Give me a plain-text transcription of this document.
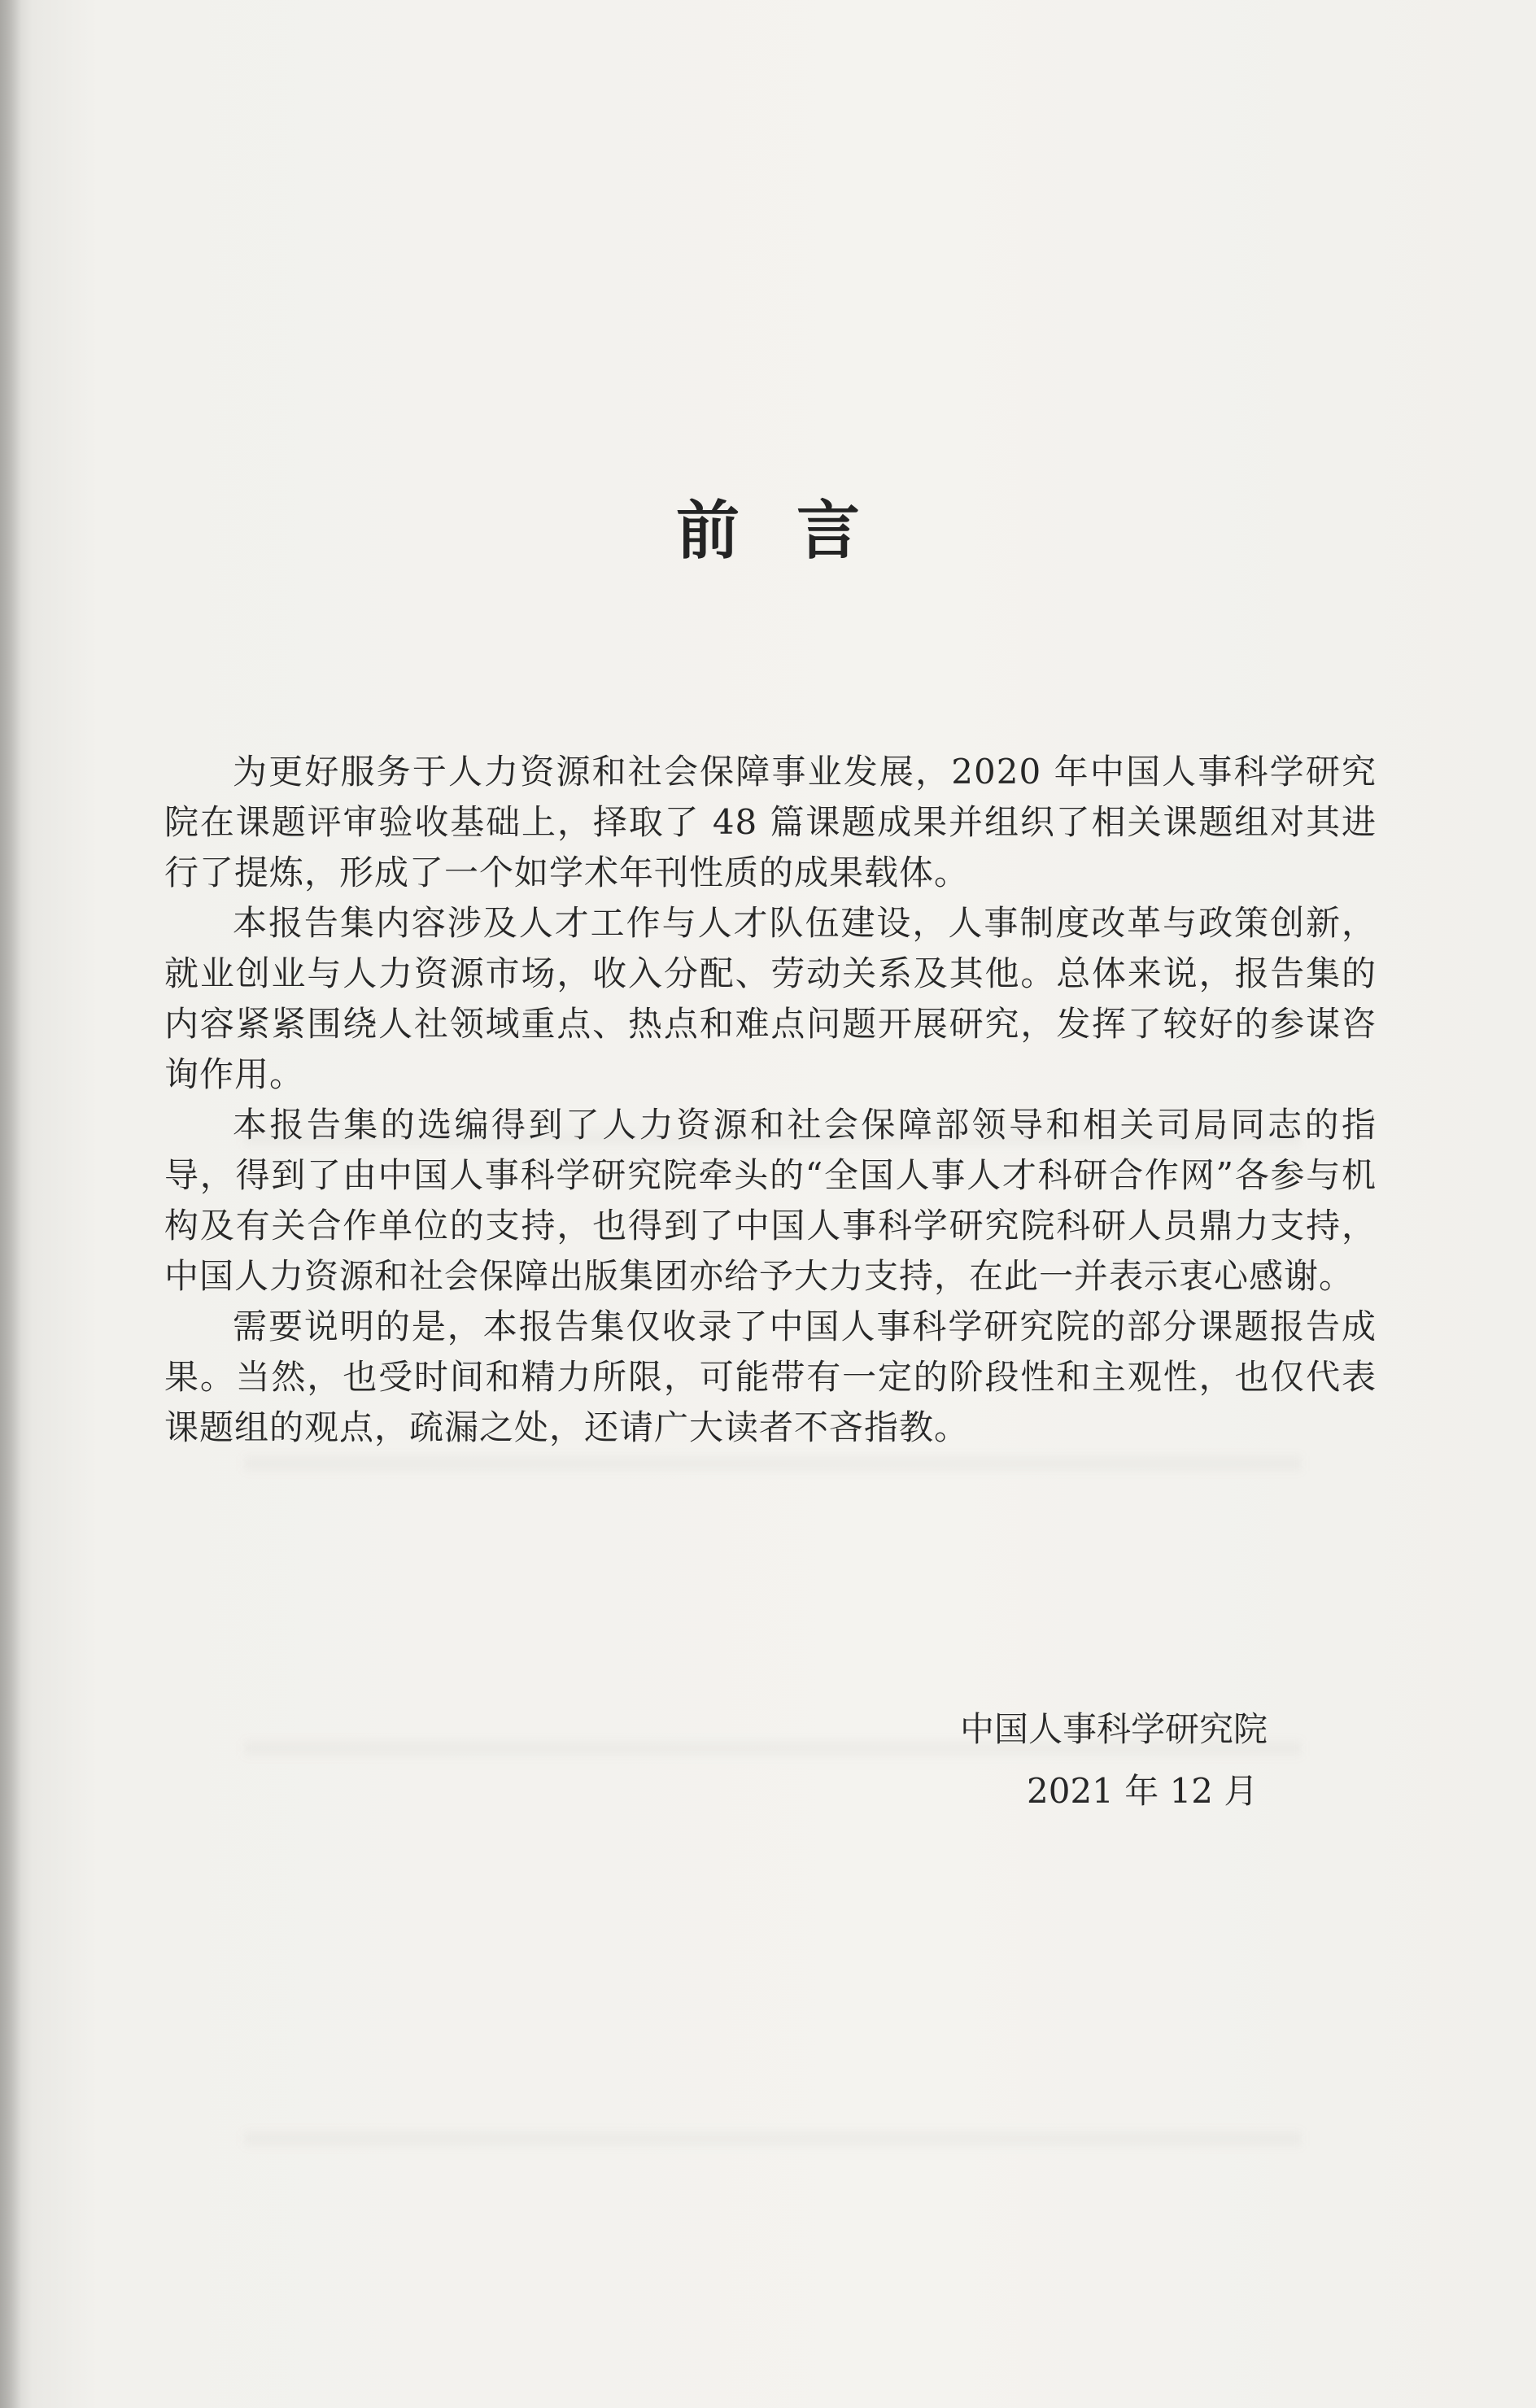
前言

为更好服务于人力资源和社会保障事业发展，2020 年中国人事科学研究院在课题评审验收基础上，择取了 48 篇课题成果并组织了相关课题组对其进行了提炼，形成了一个如学术年刊性质的成果载体。

本报告集内容涉及人才工作与人才队伍建设，人事制度改革与政策创新，就业创业与人力资源市场，收入分配、劳动关系及其他。总体来说，报告集的内容紧紧围绕人社领域重点、热点和难点问题开展研究，发挥了较好的参谋咨询作用。

本报告集的选编得到了人力资源和社会保障部领导和相关司局同志的指导，得到了由中国人事科学研究院牵头的“全国人事人才科研合作网”各参与机构及有关合作单位的支持，也得到了中国人事科学研究院科研人员鼎力支持，中国人力资源和社会保障出版集团亦给予大力支持，在此一并表示衷心感谢。

需要说明的是，本报告集仅收录了中国人事科学研究院的部分课题报告成果。当然，也受时间和精力所限，可能带有一定的阶段性和主观性，也仅代表课题组的观点，疏漏之处，还请广大读者不吝指教。

中国人事科学研究院
2021 年 12 月
